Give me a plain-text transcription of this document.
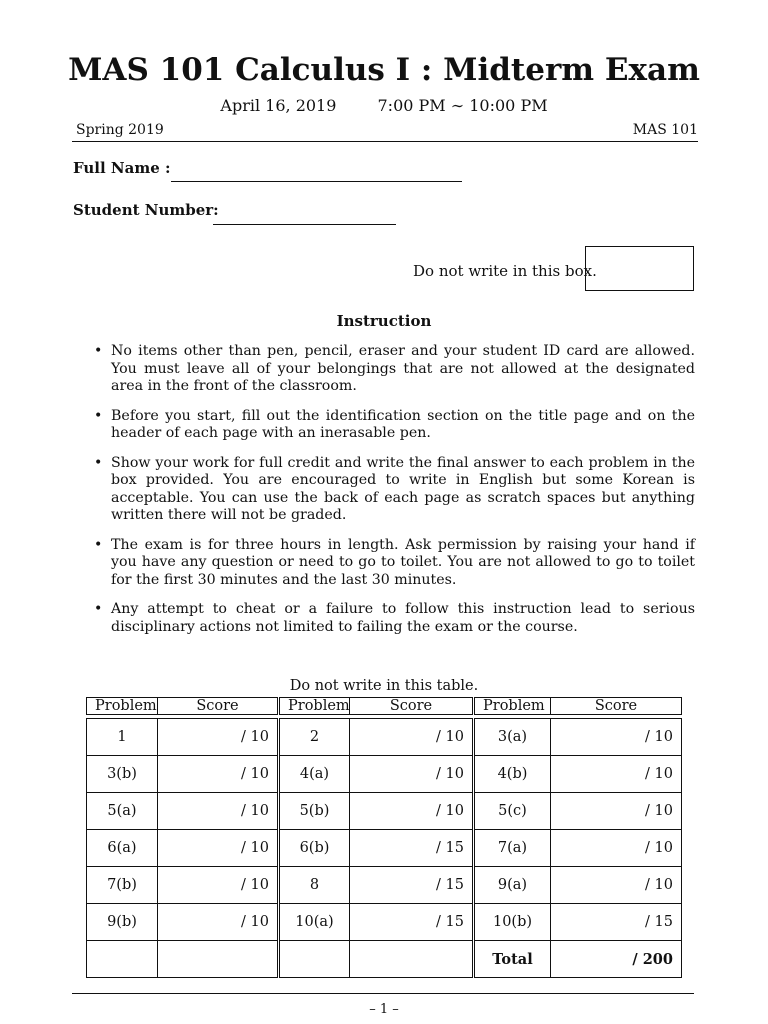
MAS 101 Calculus I : Midterm Exam
April 16, 2019	7:00 PM ∼ 10:00 PM
Spring 2019	MAS 101
Full Name :
Student Number:
Do not write in this box.
Instruction
• No items other than pen, pencil, eraser and your student ID card are allowed. You must leave all of your belongings that are not allowed at the designated area in the front of the classroom.
• Before you start, fill out the identification section on the title page and on the header of each page with an inerasable pen.
• Show your work for full credit and write the final answer to each problem in the box provided. You are encouraged to write in English but some Korean is acceptable. You can use the back of each page as scratch spaces but anything written there will not be graded.
• The exam is for three hours in length. Ask permission by raising your hand if you have any question or need to go to toilet. You are not allowed to go to toilet for the first 30 minutes and the last 30 minutes.
• Any attempt to cheat or a failure to follow this instruction lead to serious disciplinary actions not limited to failing the exam or the course.
Do not write in this table.
Problem	Score	Problem	Score	Problem	Score

1	/ 10	2	/ 10	3(a)	/ 10
3(b)	/ 10	4(a)	/ 10	4(b)	/ 10
5(a)	/ 10	5(b)	/ 10	5(c)	/ 10
6(a)	/ 10	6(b)	/ 15	7(a)	/ 10
7(b)	/ 10	8	/ 15	9(a)	/ 10
9(b)	/ 10	10(a)	/ 15	10(b)	/ 15
				Total	/ 200
– 1 –
